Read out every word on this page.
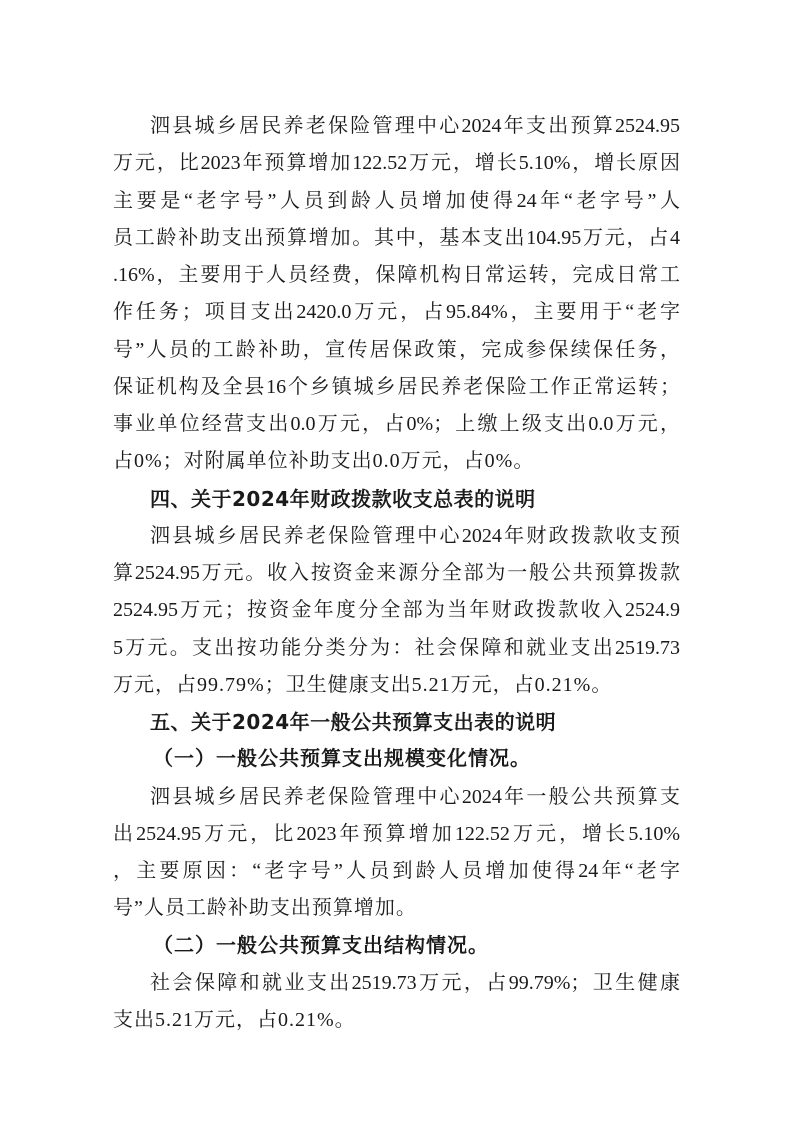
泗县城乡居民养老保险管理中心2024年支出预算2524.95
万元，比2023年预算增加122.52万元，增长5.10%，增长原因
主要是“老字号”人员到龄人员增加使得24年“老字号”人
员工龄补助支出预算增加。其中，基本支出104.95万元，占4
.16%，主要用于人员经费，保障机构日常运转，完成日常工
作任务；项目支出2420.0万元，占95.84%，主要用于“老字
号”人员的工龄补助，宣传居保政策，完成参保续保任务，
保证机构及全县16个乡镇城乡居民养老保险工作正常运转；
事业单位经营支出0.0万元，占0%；上缴上级支出0.0万元，
占0%；对附属单位补助支出0.0万元，占0%。
四、关于2024年财政拨款收支总表的说明
泗县城乡居民养老保险管理中心2024年财政拨款收支预
算2524.95万元。收入按资金来源分全部为一般公共预算拨款
2524.95万元；按资金年度分全部为当年财政拨款收入2524.9
5万元。支出按功能分类分为：社会保障和就业支出2519.73
万元，占99.79%；卫生健康支出5.21万元，占0.21%。
五、关于2024年一般公共预算支出表的说明
（一）一般公共预算支出规模变化情况。
泗县城乡居民养老保险管理中心2024年一般公共预算支
出2524.95万元，比2023年预算增加122.52万元，增长5.10%
，主要原因：“老字号”人员到龄人员增加使得24年“老字
号”人员工龄补助支出预算增加。
（二）一般公共预算支出结构情况。
社会保障和就业支出2519.73万元，占99.79%；卫生健康
支出5.21万元，占0.21%。
